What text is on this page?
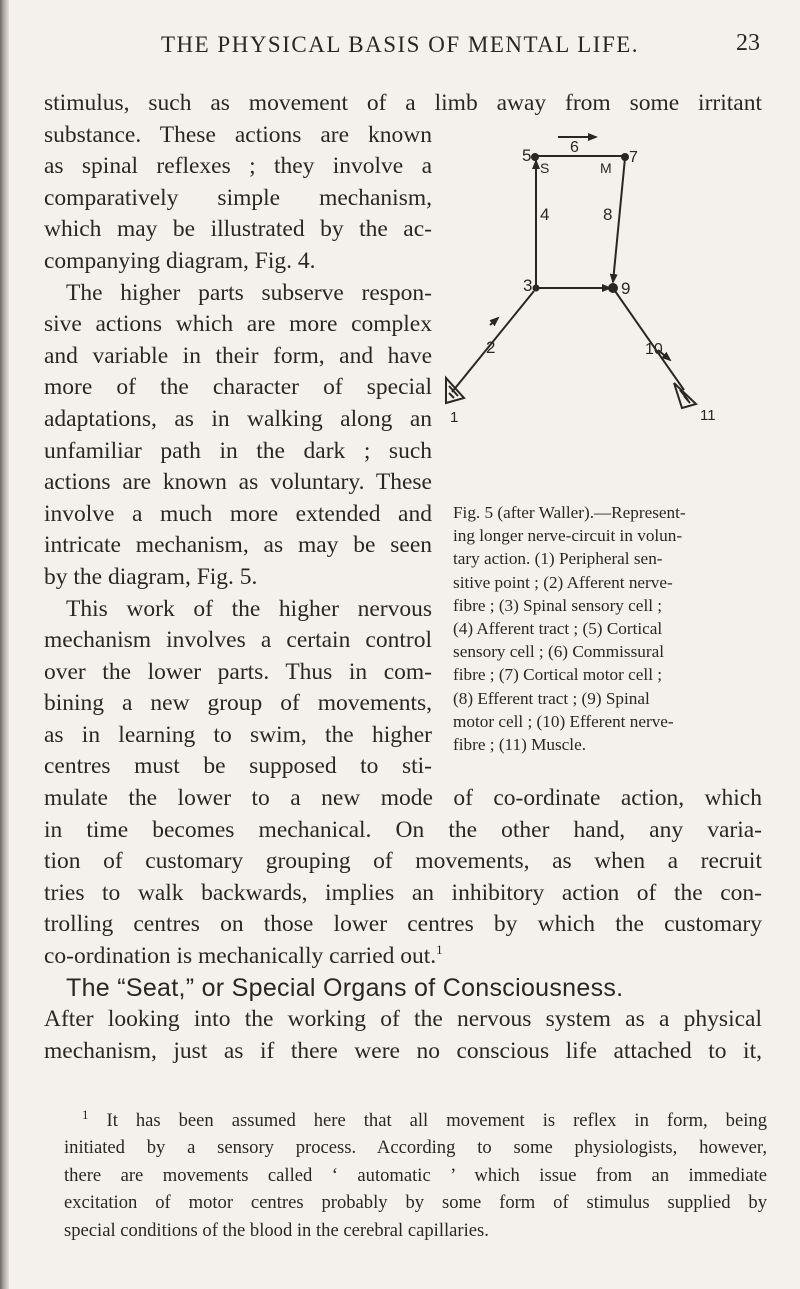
THE PHYSICAL BASIS OF MENTAL LIFE.	23
stimulus, such as movement of a limb away from some irritant
substance. These actions are known
as spinal reflexes ; they involve a
comparatively simple mechanism,
which may be illustrated by the ac-
companying diagram, Fig. 4.
The higher parts subserve respon-
sive actions which are more complex
and variable in their form, and have
more of the character of special
adaptations, as in walking along an
unfamiliar path in the dark ; such
actions are known as voluntary. These
involve a much more extended and
intricate mechanism, as may be seen
by the diagram, Fig. 5.
This work of the higher nervous
mechanism involves a certain control
over the lower parts. Thus in com-
bining a new group of movements,
as in learning to swim, the higher
centres must be supposed to sti-
5 6
7
S	M
4	8
3	9
2	10
1	11
Fig. 5 (after Waller).—Represent-
ing longer nerve-circuit in volun-
tary action. (1) Peripheral sen-
sitive point ; (2) Afferent nerve-
fibre ; (3) Spinal sensory cell ;
(4) Afferent tract ; (5) Cortical
sensory cell ; (6) Commissural
fibre ; (7) Cortical motor cell ;
(8) Efferent tract ; (9) Spinal
motor cell ; (10) Efferent nerve-
fibre ; (11) Muscle.
mulate the lower to a new mode of co-ordinate action, which
in time becomes mechanical. On the other hand, any varia-
tion of customary grouping of movements, as when a recruit
tries to walk backwards, implies an inhibitory action of the con-
trolling centres on those lower centres by which the customary
co-ordination is mechanically carried out.$^1$
The “Seat,” or Special Organs of Consciousness.
After looking into the working of the nervous system as a physical
mechanism, just as if there were no conscious life attached to it,
$^1$ It has been assumed here that all movement is reflex in form, being
initiated by a sensory process. According to some physiologists, however,
there are movements called ‘ automatic ’ which issue from an immediate
excitation of motor centres probably by some form of stimulus supplied by
special conditions of the blood in the cerebral capillaries.
